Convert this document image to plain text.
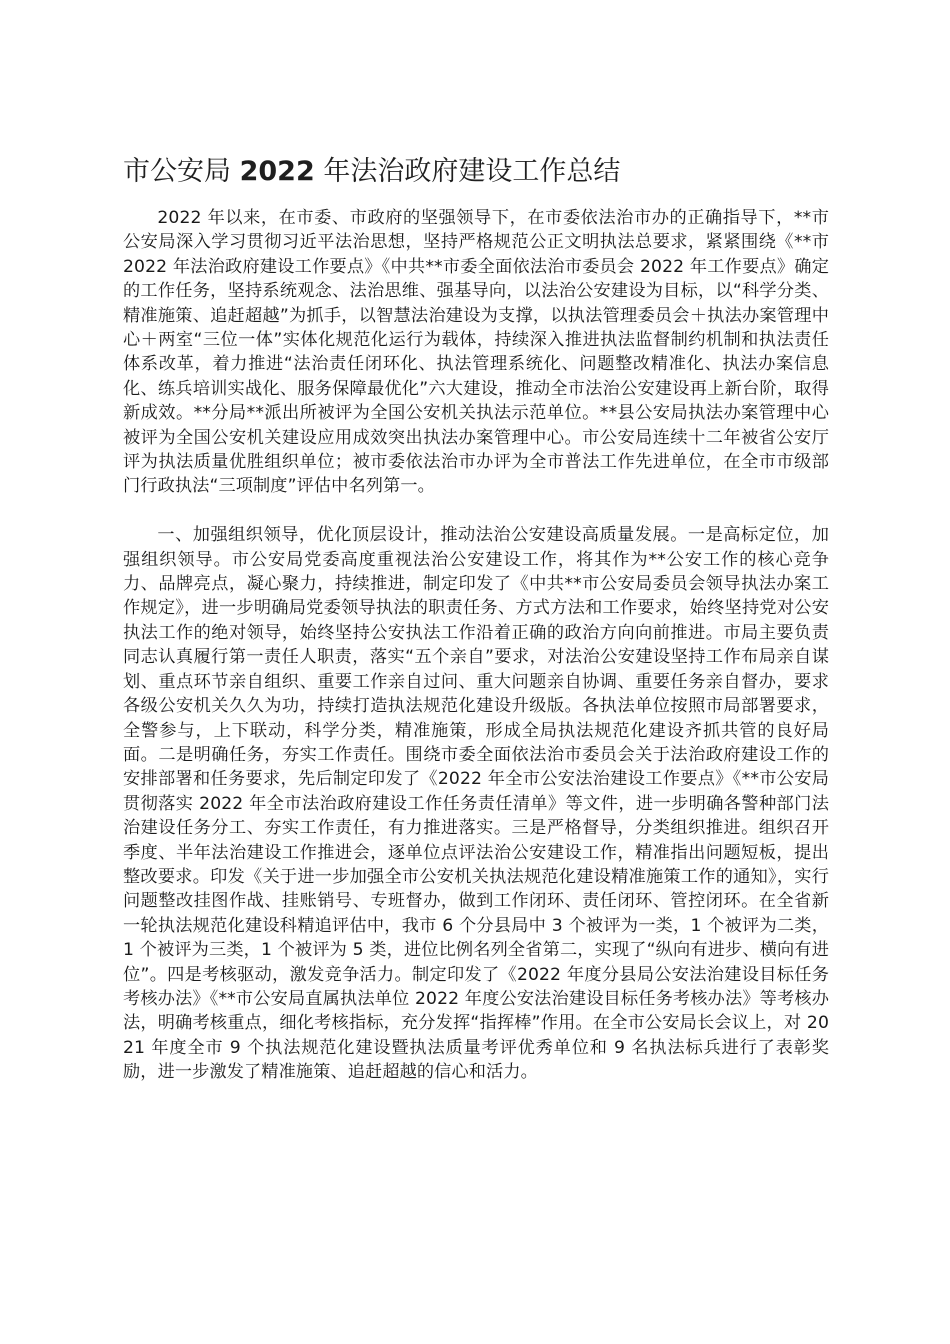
市公安局 2022 年法治政府建设工作总结

2022 年以来，在市委、市政府的坚强领导下，在市委依法治市办的正确指导下，**市公安局深入学习贯彻习近平法治思想，坚持严格规范公正文明执法总要求，紧紧围绕《**市 2022 年法治政府建设工作要点》《中共**市委全面依法治市委员会 2022 年工作要点》确定的工作任务，坚持系统观念、法治思维、强基导向，以法治公安建设为目标，以“科学分类、精准施策、追赶超越”为抓手，以智慧法治建设为支撑，以执法管理委员会＋执法办案管理中心＋两室“三位一体”实体化规范化运行为载体，持续深入推进执法监督制约机制和执法责任体系改革，着力推进“法治责任闭环化、执法管理系统化、问题整改精准化、执法办案信息化、练兵培训实战化、服务保障最优化”六大建设，推动全市法治公安建设再上新台阶，取得新成效。**分局**派出所被评为全国公安机关执法示范单位。**县公安局执法办案管理中心被评为全国公安机关建设应用成效突出执法办案管理中心。市公安局连续十二年被省公安厅评为执法质量优胜组织单位；被市委依法治市办评为全市普法工作先进单位，在全市市级部门行政执法“三项制度”评估中名列第一。

一、加强组织领导，优化顶层设计，推动法治公安建设高质量发展。一是高标定位，加强组织领导。市公安局党委高度重视法治公安建设工作，将其作为**公安工作的核心竞争力、品牌亮点，凝心聚力，持续推进，制定印发了《中共**市公安局委员会领导执法办案工作规定》，进一步明确局党委领导执法的职责任务、方式方法和工作要求，始终坚持党对公安执法工作的绝对领导，始终坚持公安执法工作沿着正确的政治方向向前推进。市局主要负责同志认真履行第一责任人职责，落实“五个亲自”要求，对法治公安建设坚持工作布局亲自谋划、重点环节亲自组织、重要工作亲自过问、重大问题亲自协调、重要任务亲自督办，要求各级公安机关久久为功，持续打造执法规范化建设升级版。各执法单位按照市局部署要求，全警参与，上下联动，科学分类，精准施策，形成全局执法规范化建设齐抓共管的良好局面。二是明确任务，夯实工作责任。围绕市委全面依法治市委员会关于法治政府建设工作的安排部署和任务要求，先后制定印发了《2022 年全市公安法治建设工作要点》《**市公安局贯彻落实 2022 年全市法治政府建设工作任务责任清单》等文件，进一步明确各警种部门法治建设任务分工、夯实工作责任，有力推进落实。三是严格督导，分类组织推进。组织召开季度、半年法治建设工作推进会，逐单位点评法治公安建设工作，精准指出问题短板，提出整改要求。印发《关于进一步加强全市公安机关执法规范化建设精准施策工作的通知》，实行问题整改挂图作战、挂账销号、专班督办，做到工作闭环、责任闭环、管控闭环。在全省新一轮执法规范化建设科精追评估中，我市 6 个分县局中 3 个被评为一类，1 个被评为二类，1 个被评为三类，1 个被评为 5 类，进位比例名列全省第二，实现了“纵向有进步、横向有进位”。四是考核驱动，激发竞争活力。制定印发了《2022 年度分县局公安法治建设目标任务考核办法》《**市公安局直属执法单位 2022 年度公安法治建设目标任务考核办法》等考核办法，明确考核重点，细化考核指标，充分发挥“指挥棒”作用。在全市公安局长会议上，对 2021 年度全市 9 个执法规范化建设暨执法质量考评优秀单位和 9 名执法标兵进行了表彰奖励，进一步激发了精准施策、追赶超越的信心和活力。
